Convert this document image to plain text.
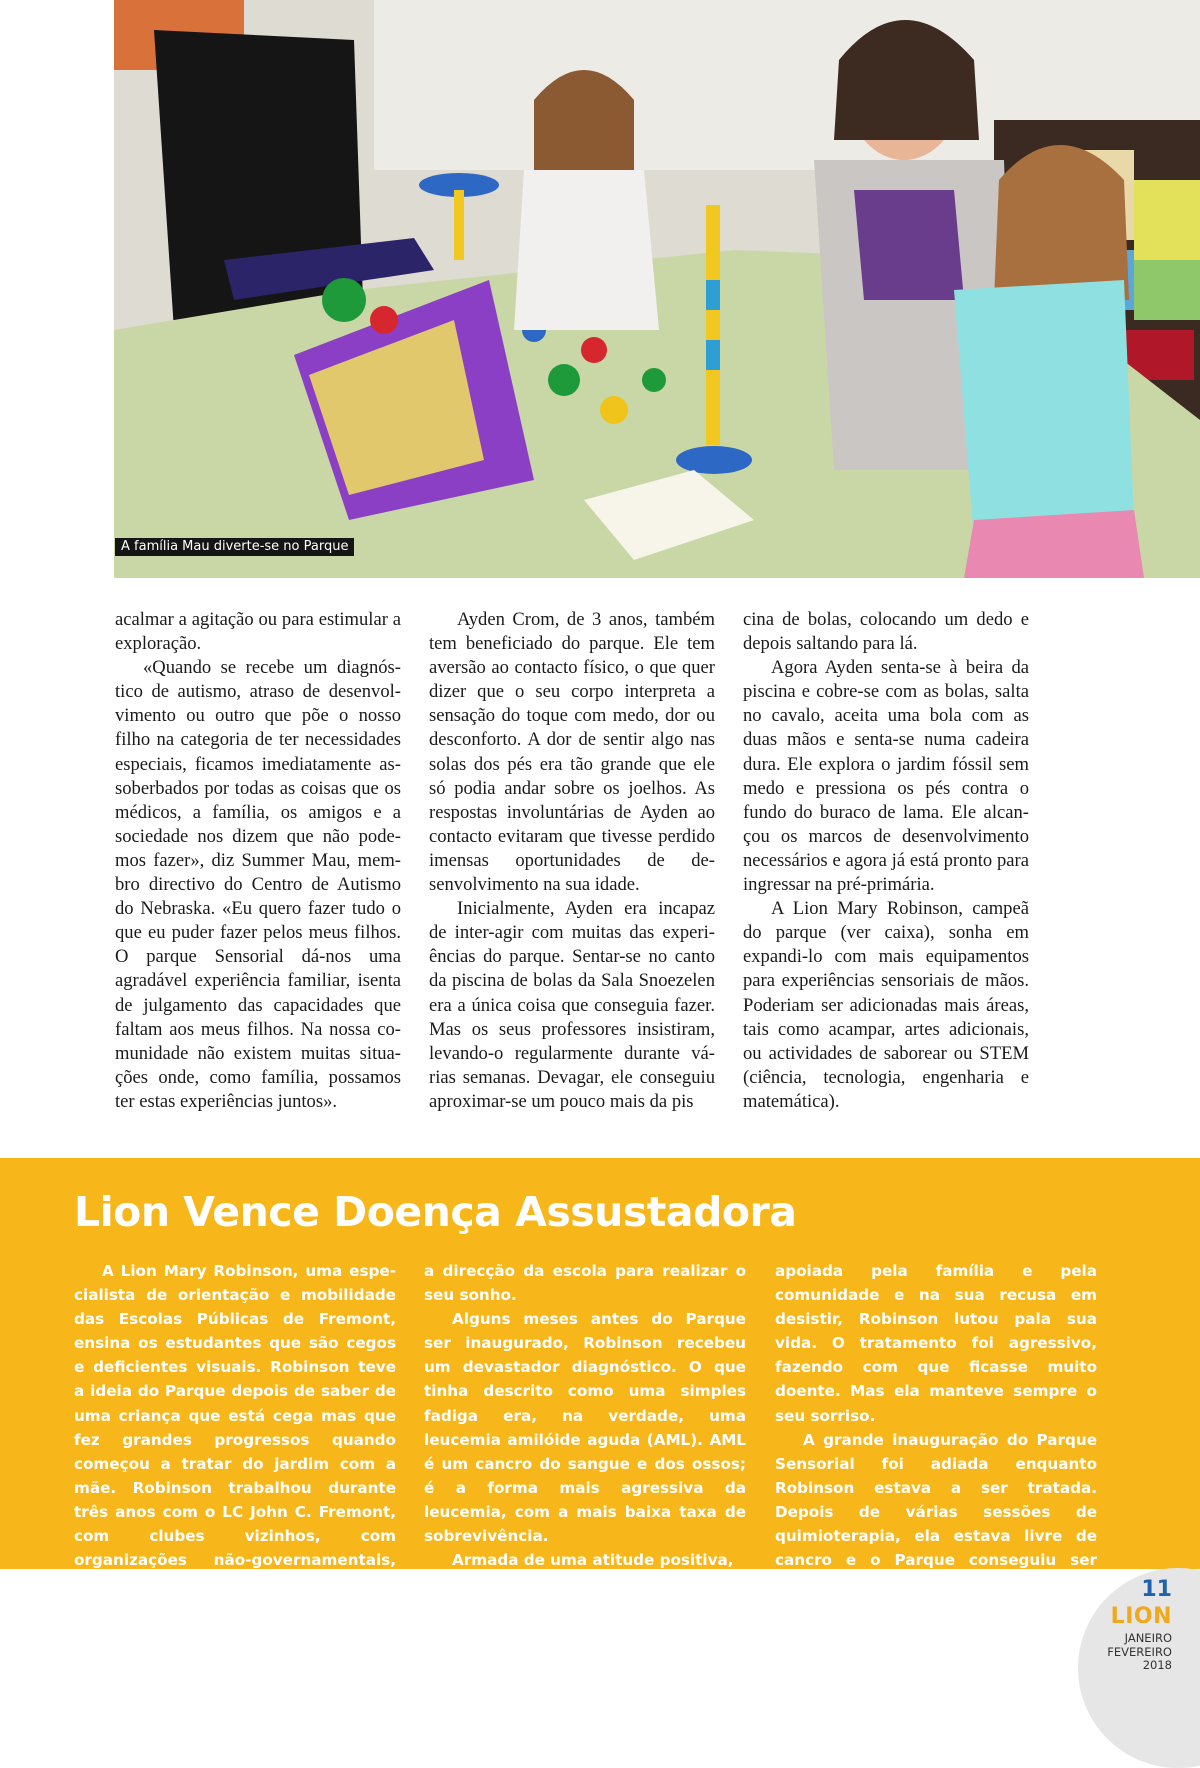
A família Mau diverte-se no Parque

acalmar a agitação ou para estimular a exploração.

«Quando se recebe um diagnóstico de autismo, atraso de desenvolvimento ou outro que põe o nosso filho na categoria de ter necessidades especiais, ficamos imediatamente assoberbados por todas as coisas que os médicos, a família, os amigos e a sociedade nos dizem que não podemos fazer», diz Summer Mau, membro directivo do Centro de Autismo do Nebraska. «Eu quero fazer tudo o que eu puder fazer pelos meus filhos. O parque Sensorial dá-nos uma agradável experiência familiar, isenta de julgamento das capacidades que faltam aos meus filhos. Na nossa comunidade não existem muitas situações onde, como família, possamos ter estas experiências juntos».

Ayden Crom, de 3 anos, também tem beneficiado do parque. Ele tem aversão ao contacto físico, o que quer dizer que o seu corpo interpreta a sensação do toque com medo, dor ou desconforto. A dor de sentir algo nas solas dos pés era tão grande que ele só podia andar sobre os joelhos. As respostas involuntárias de Ayden ao contacto evitaram que tivesse perdido imensas oportunidades de desenvolvimento na sua idade.

Inicialmente, Ayden era incapaz de inter-agir com muitas das experiências do parque. Sentar-se no canto da piscina de bolas da Sala Snoezelen era a única coisa que conseguia fazer. Mas os seus professores insistiram, levando-o regularmente durante várias semanas. Devagar, ele conseguiu aproximar-se um pouco mais da pis

cina de bolas, colocando um dedo e depois saltando para lá.

Agora Ayden senta-se à beira da piscina e cobre-se com as bolas, salta no cavalo, aceita uma bola com as duas mãos e senta-se numa cadeira dura. Ele explora o jardim fóssil sem medo e pressiona os pés contra o fundo do buraco de lama. Ele alcançou os marcos de desenvolvimento necessários e agora já está pronto para ingressar na pré-primária.

A Lion Mary Robinson, campeã do parque (ver caixa), sonha em expandi-lo com mais equipamentos para experiências sensoriais de mãos. Poderiam ser adicionadas mais áreas, tais como acampar, artes adicionais, ou actividades de saborear ou STEM (ciência, tecnologia, engenharia e matemática).

Lion Vence Doença Assustadora

A Lion Mary Robinson, uma especialista de orientação e mobilidade das Escolas Públicas de Fremont, ensina os estudantes que são cegos e deficientes visuais. Robinson teve a ideia do Parque depois de saber de uma criança que está cega mas que fez grandes progressos quando começou a tratar do jardim com a mãe. Robinson trabalhou durante três anos com o LC John C. Fremont, com clubes vizinhos, com organizações não-governamentais, artistas, arquitectos e

a direcção da escola para realizar o seu sonho.

Alguns meses antes do Parque ser inaugurado, Robinson recebeu um devastador diagnóstico. O que tinha descrito como uma simples fadiga era, na verdade, uma leucemia amilóide aguda (AML). AML é um cancro do sangue e dos ossos; é a forma mais agressiva da leucemia, com a mais baixa taxa de sobrevivência.

Armada de uma atitude positiva,

apoiada pela família e pela comunidade e na sua recusa em desistir, Robinson lutou pala sua vida. O tratamento foi agressivo, fazendo com que ficasse muito doente. Mas ela manteve sempre o seu sorriso.

A grande inauguração do Parque Sensorial foi adiada enquanto Robinson estava a ser tratada. Depois de várias sessões de quimioterapia, ela estava livre de cancro e o Parque conseguiu ser inaugurado com grande entusiasmo.	11
LION
JANEIRO
FEVEREIRO
2018
